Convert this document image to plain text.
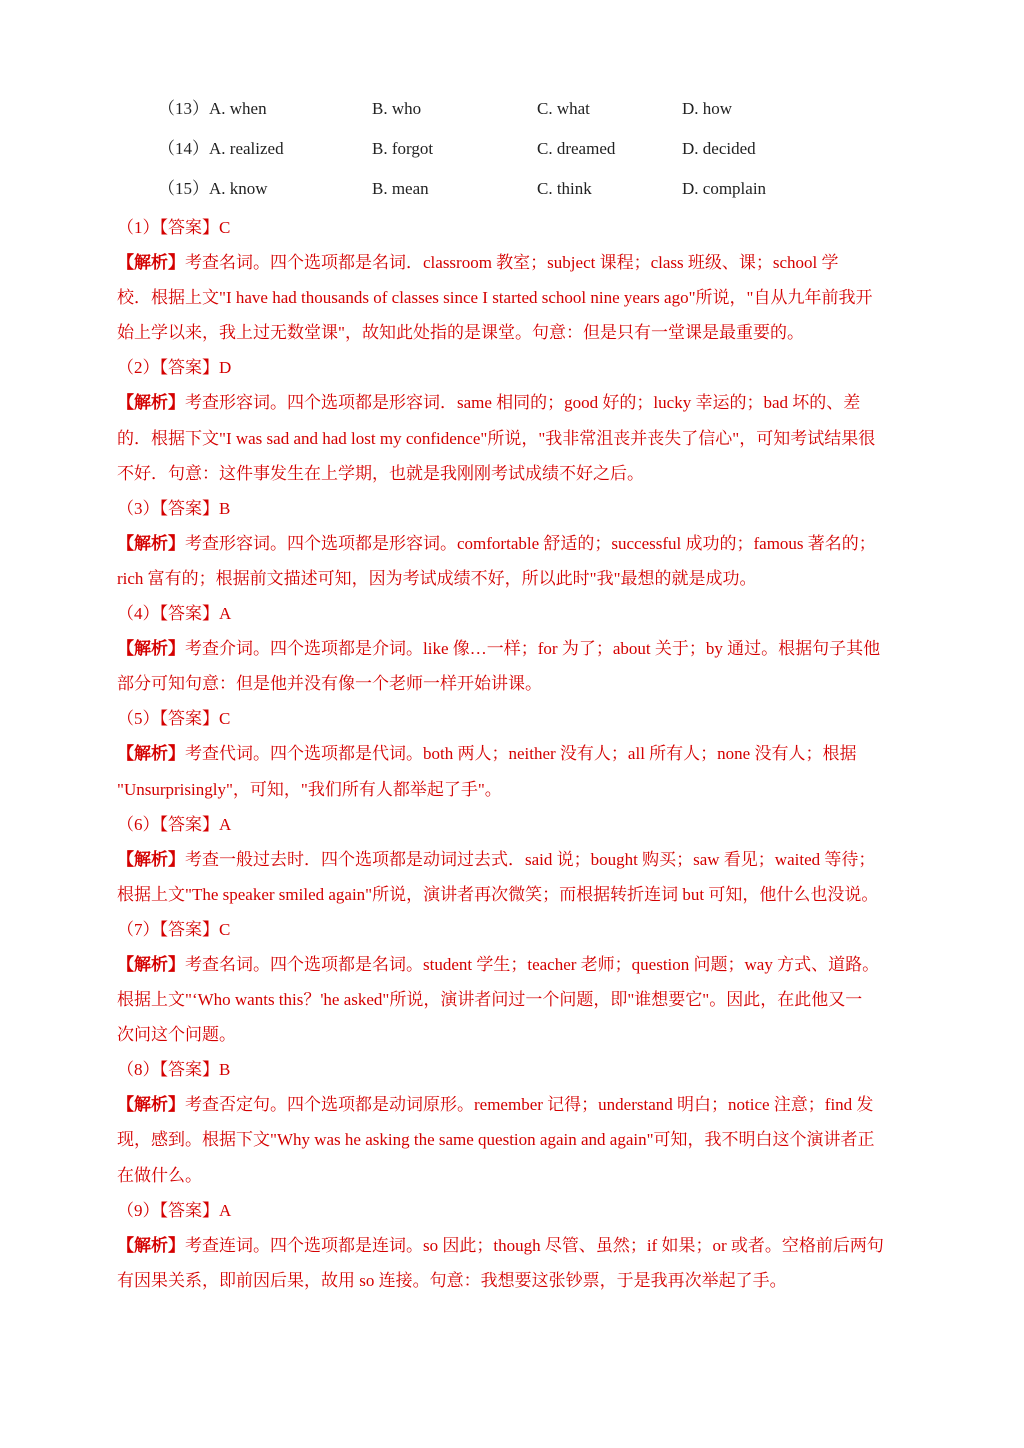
（13）A. when	B. who	C. what	D. how
（14）A. realized	B. forgot	C. dreamed	D. decided
（15）A. know	B. mean	C. think	D. complain
（1）【答案】C
【解析】考查名词。四个选项都是名词．classroom 教室；subject 课程；class 班级、课；school 学
校．根据上文"I have had thousands of classes since I started school nine years ago"所说，"自从九年前我开
始上学以来，我上过无数堂课"，故知此处指的是课堂。句意：但是只有一堂课是最重要的。
（2）【答案】D
【解析】考查形容词。四个选项都是形容词．same 相同的；good 好的；lucky 幸运的；bad 坏的、差
的．根据下文"I was sad and had lost my confidence"所说，"我非常沮丧并丧失了信心"，可知考试结果很
不好．句意：这件事发生在上学期，也就是我刚刚考试成绩不好之后。
（3）【答案】B
【解析】考查形容词。四个选项都是形容词。comfortable 舒适的；successful 成功的；famous 著名的；
rich 富有的；根据前文描述可知，因为考试成绩不好，所以此时"我"最想的就是成功。
（4）【答案】A
【解析】考查介词。四个选项都是介词。like 像…一样；for 为了；about 关于；by 通过。根据句子其他
部分可知句意：但是他并没有像一个老师一样开始讲课。
（5）【答案】C
【解析】考查代词。四个选项都是代词。both 两人；neither 没有人；all 所有人；none 没有人；根据
"Unsurprisingly"，可知，"我们所有人都举起了手"。
（6）【答案】A
【解析】考查一般过去时．四个选项都是动词过去式．said 说；bought 购买；saw 看见；waited 等待；
根据上文"The speaker smiled again"所说，演讲者再次微笑；而根据转折连词 but 可知，他什么也没说。
（7）【答案】C
【解析】考查名词。四个选项都是名词。student 学生；teacher 老师；question 问题；way 方式、道路。
根据上文"‘Who wants this？'he asked"所说，演讲者问过一个问题，即"谁想要它"。因此，在此他又一
次问这个问题。
（8）【答案】B
【解析】考查否定句。四个选项都是动词原形。remember 记得；understand 明白；notice 注意；find 发
现，感到。根据下文"Why was he asking the same question again and again"可知，我不明白这个演讲者正
在做什么。
（9）【答案】A
【解析】考查连词。四个选项都是连词。so 因此；though 尽管、虽然；if 如果；or 或者。空格前后两句
有因果关系，即前因后果，故用 so 连接。句意：我想要这张钞票，于是我再次举起了手。
